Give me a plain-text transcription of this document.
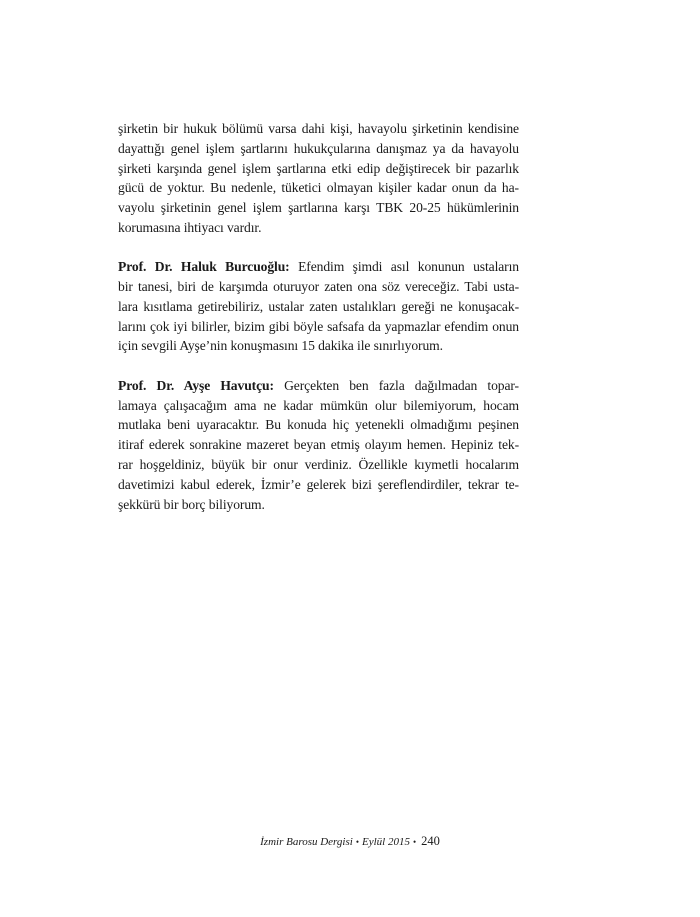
şirketin bir hukuk bölümü varsa dahi kişi, havayolu şirketinin kendisine
dayattığı genel işlem şartlarını hukukçularına danışmaz ya da havayolu
şirketi karşında genel işlem şartlarına etki edip değiştirecek bir pazarlık
gücü de yoktur. Bu nedenle, tüketici olmayan kişiler kadar onun da ha-
vayolu şirketinin genel işlem şartlarına karşı TBK 20-25 hükümlerinin
korumasına ihtiyacı vardır.
Prof. Dr. Haluk Burcuoğlu: Efendim şimdi asıl konunun ustaların
bir tanesi, biri de karşımda oturuyor zaten ona söz vereceğiz. Tabi usta-
lara kısıtlama getirebiliriz, ustalar zaten ustalıkları gereği ne konuşacak-
larını çok iyi bilirler, bizim gibi böyle safsafa da yapmazlar efendim onun
için sevgili Ayşe’nin konuşmasını 15 dakika ile sınırlıyorum.
Prof. Dr. Ayşe Havutçu: Gerçekten ben fazla dağılmadan topar-
lamaya çalışacağım ama ne kadar mümkün olur bilemiyorum, hocam
mutlaka beni uyaracaktır. Bu konuda hiç yetenekli olmadığımı peşinen
itiraf ederek sonrakine mazeret beyan etmiş olayım hemen. Hepiniz tek-
rar hoşgeldiniz, büyük bir onur verdiniz. Özellikle kıymetli hocalarım
davetimizi kabul ederek, İzmir’e gelerek bizi şereflendirdiler, tekrar te-
şekkürü bir borç biliyorum.
İzmir Barosu Dergisi • Eylül 2015 • 240
